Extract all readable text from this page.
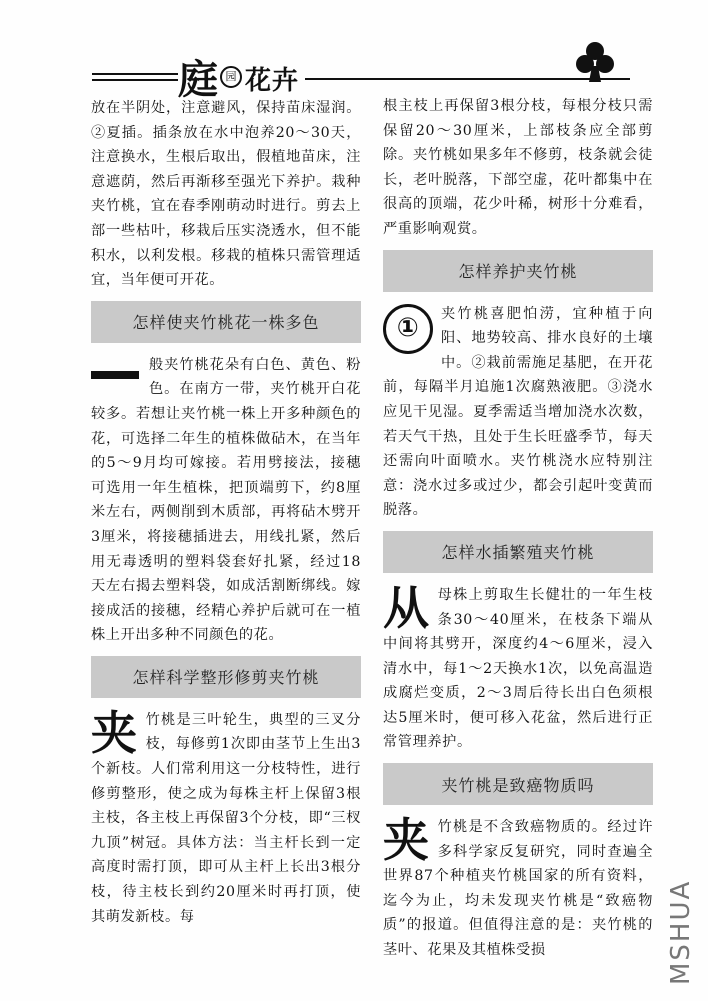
庭 园 花卉

放在半阴处，注意避风，保持苗床湿润。②夏插。插条放在水中泡养20～30天，注意换水，生根后取出，假植地苗床，注意遮荫，然后再渐移至强光下养护。栽种夹竹桃，宜在春季刚萌动时进行。剪去上部一些枯叶，移栽后压实浇透水，但不能积水，以利发根。移栽的植株只需管理适宜，当年便可开花。

怎样使夹竹桃花一株多色

般夹竹桃花朵有白色、黄色、粉色。在南方一带，夹竹桃开白花较多。若想让夹竹桃一株上开多种颜色的花，可选择二年生的植株做砧木，在当年的5～9月均可嫁接。若用劈接法，接穗可选用一年生植株，把顶端剪下，约8厘米左右，两侧削到木质部，再将砧木劈开3厘米，将接穗插进去，用线扎紧，然后用无毒透明的塑料袋套好扎紧，经过18天左右揭去塑料袋，如成活割断绑线。嫁接成活的接穗，经精心养护后就可在一植株上开出多种不同颜色的花。

怎样科学整形修剪夹竹桃

夹竹桃是三叶轮生，典型的三叉分枝，每修剪1次即由茎节上生出3个新枝。人们常利用这一分枝特性，进行修剪整形，使之成为每株主杆上保留3根主枝，各主枝上再保留3个分枝，即“三杈九顶”树冠。具体方法：当主杆长到一定高度时需打顶，即可从主杆上长出3根分枝，待主枝长到约20厘米时再打顶，使其萌发新枝。每

根主枝上再保留3根分枝，每根分枝只需保留20～30厘米，上部枝条应全部剪除。夹竹桃如果多年不修剪，枝条就会徒长，老叶脱落，下部空虚，花叶都集中在很高的顶端，花少叶稀，树形十分难看，严重影响观赏。

怎样养护夹竹桃

①	夹竹桃喜肥怕涝，宜种植于向阳、地势较高、排水良好的土壤中。②栽前需施足基肥，在开花前，每隔半月追施1次腐熟液肥。③浇水应见干见湿。夏季需适当增加浇水次数，若天气干热，且处于生长旺盛季节，每天还需向叶面喷水。夹竹桃浇水应特别注意：浇水过多或过少，都会引起叶变黄而脱落。

怎样水插繁殖夹竹桃

从母株上剪取生长健壮的一年生枝条30～40厘米，在枝条下端从中间将其劈开，深度约4～6厘米，浸入清水中，每1～2天换水1次，以免高温造成腐烂变质，2～3周后待长出白色须根达5厘米时，便可移入花盆，然后进行正常管理养护。

夹竹桃是致癌物质吗

夹竹桃是不含致癌物质的。经过许多科学家反复研究，同时查遍全世界87个种植夹竹桃国家的所有资料，迄今为止，均未发现夹竹桃是“致癌物质”的报道。但值得注意的是：夹竹桃的茎叶、花果及其植株受损	MSHUA
